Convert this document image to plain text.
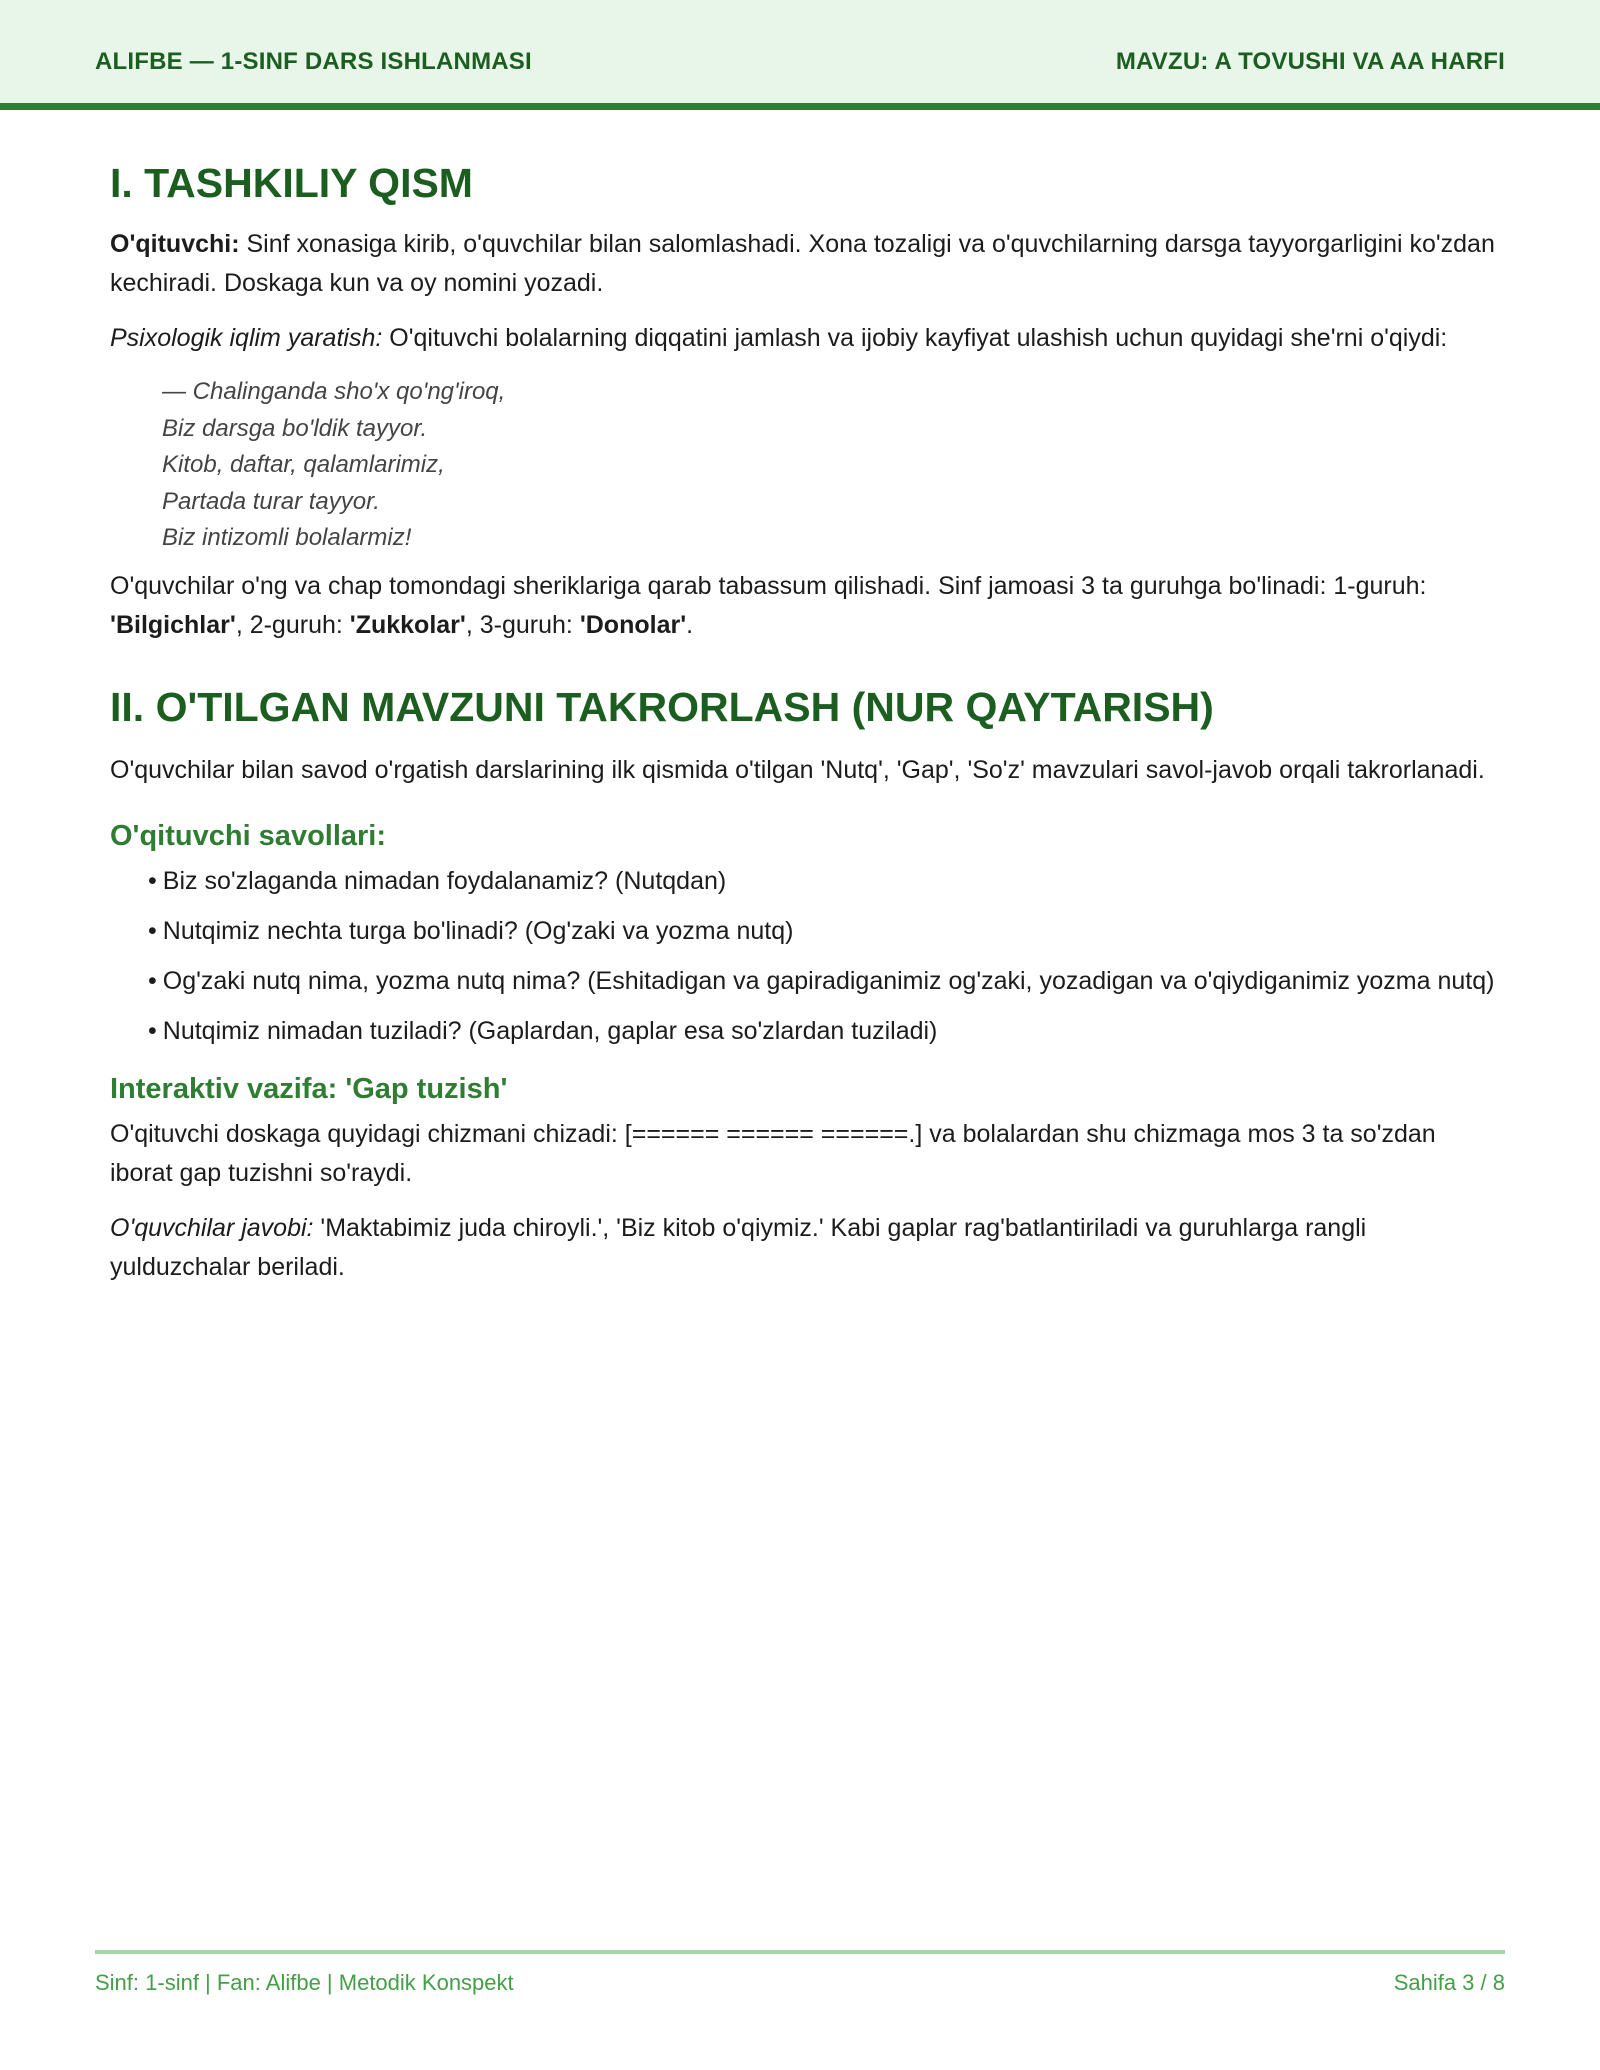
ALIFBE — 1-SINF DARS ISHLANMASI	MAVZU: A TOVUSHI VA AA HARFI
I. TASHKILIY QISM

O'qituvchi: Sinf xonasiga kirib, o'quvchilar bilan salomlashadi. Xona tozaligi va o'quvchilarning darsga tayyorgarligini ko'zdan kechiradi. Doskaga kun va oy nomini yozadi.

Psixologik iqlim yaratish: O'qituvchi bolalarning diqqatini jamlash va ijobiy kayfiyat ulashish uchun quyidagi she'rni o'qiydi:

— Chalinganda sho'x qo'ng'iroq,
Biz darsga bo'ldik tayyor.
Kitob, daftar, qalamlarimiz,
Partada turar tayyor.
Biz intizomli bolalarmiz!

O'quvchilar o'ng va chap tomondagi sheriklariga qarab tabassum qilishadi. Sinf jamoasi 3 ta guruhga bo'linadi: 1-guruh: 'Bilgichlar', 2-guruh: 'Zukkolar', 3-guruh: 'Donolar'.

II. O'TILGAN MAVZUNI TAKRORLASH (NUR QAYTARISH)

O'quvchilar bilan savod o'rgatish darslarining ilk qismida o'tilgan 'Nutq', 'Gap', 'So'z' mavzulari savol-javob orqali takrorlanadi.

O'qituvchi savollari:
• Biz so'zlaganda nimadan foydalanamiz? (Nutqdan)
• Nutqimiz nechta turga bo'linadi? (Og'zaki va yozma nutq)
• Og'zaki nutq nima, yozma nutq nima? (Eshitadigan va gapiradiganimiz og'zaki, yozadigan va o'qiydiganimiz yozma nutq)
• Nutqimiz nimadan tuziladi? (Gaplardan, gaplar esa so'zlardan tuziladi)
Interaktiv vazifa: 'Gap tuzish'

O'qituvchi doskaga quyidagi chizmani chizadi: [====== ====== ======.] va bolalardan shu chizmaga mos 3 ta so'zdan iborat gap tuzishni so'raydi.

O'quvchilar javobi: 'Maktabimiz juda chiroyli.', 'Biz kitob o'qiymiz.' Kabi gaplar rag'batlantiriladi va guruhlarga rangli yulduzchalar beriladi.

Sinf: 1-sinf | Fan: Alifbe | Metodik Konspekt	Sahifa 3 / 8
